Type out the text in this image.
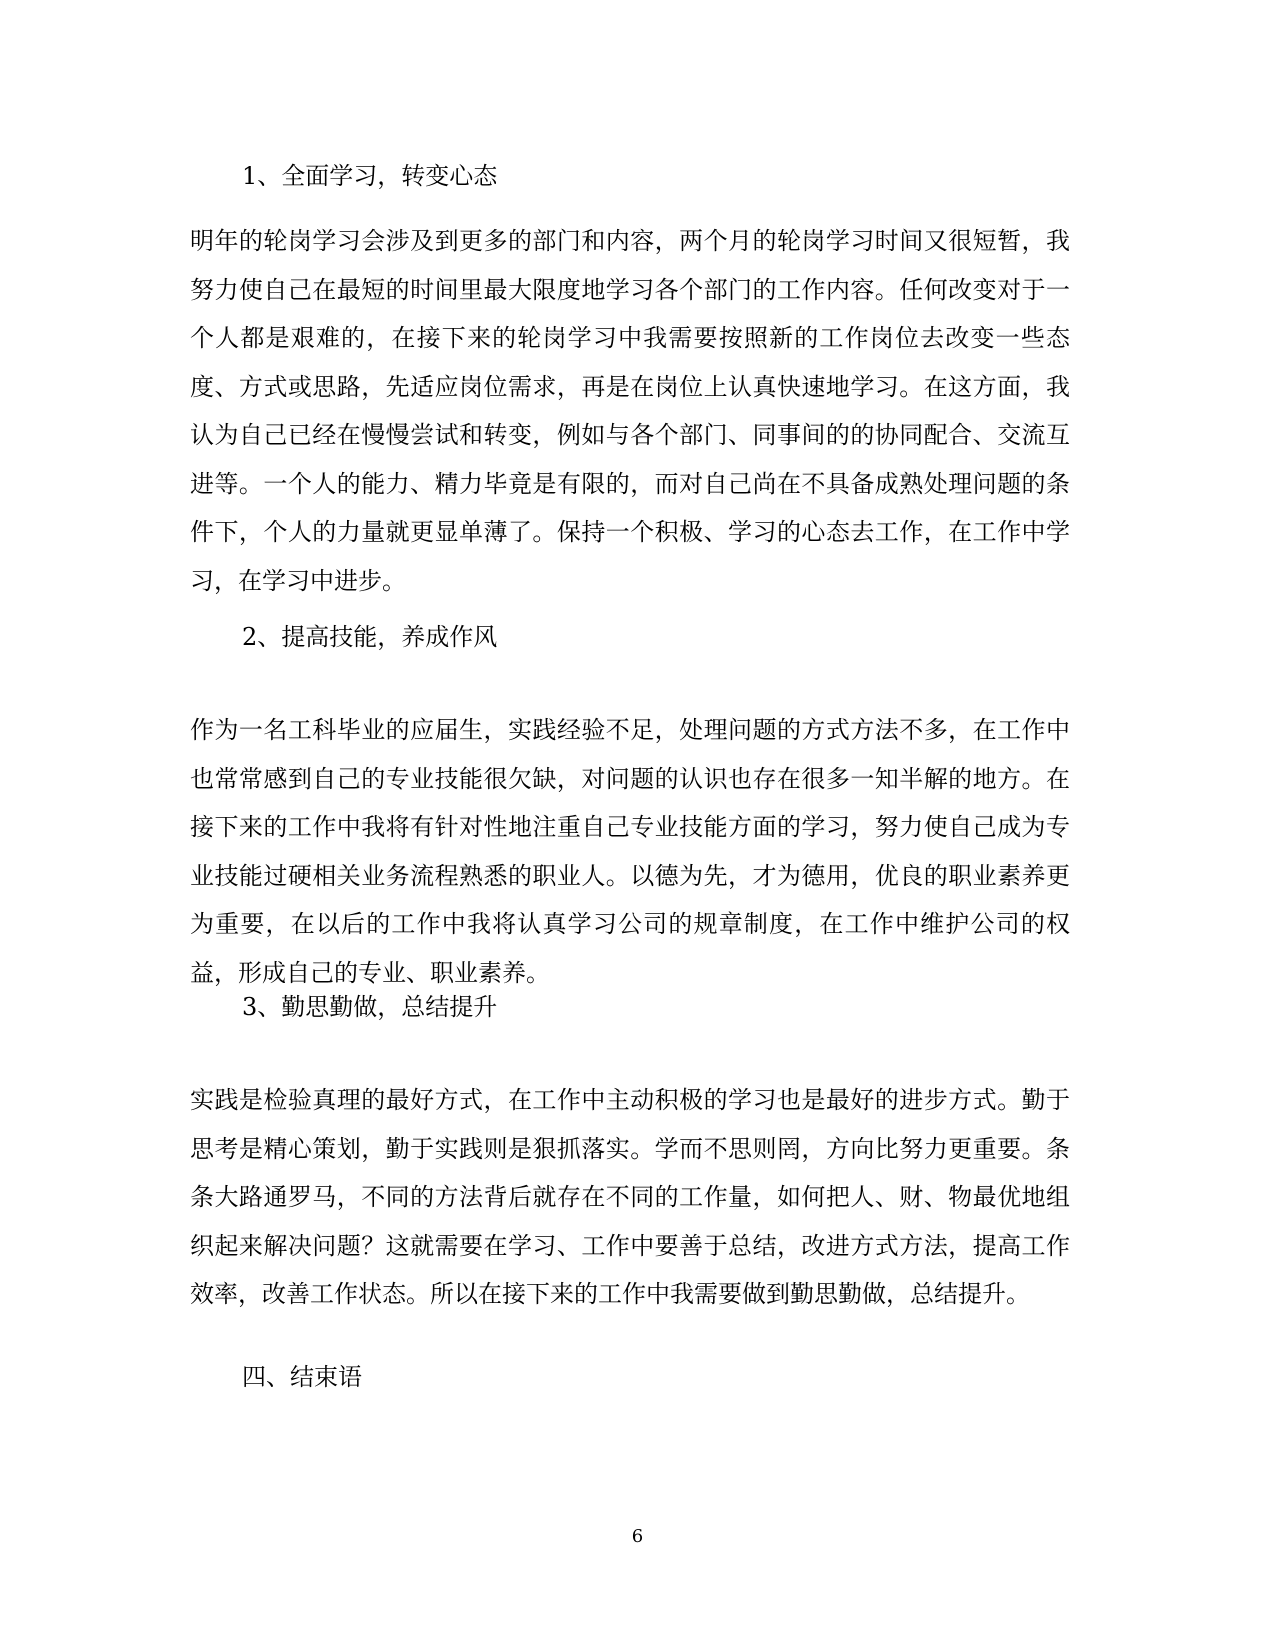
1、全面学习，转变心态
明年的轮岗学习会涉及到更多的部门和内容，两个月的轮岗学习时间又很短暂，我努力使自己在最短的时间里最大限度地学习各个部门的工作内容。任何改变对于一个人都是艰难的，在接下来的轮岗学习中我需要按照新的工作岗位去改变一些态度、方式或思路，先适应岗位需求，再是在岗位上认真快速地学习。在这方面，我认为自己已经在慢慢尝试和转变，例如与各个部门、同事间的的协同配合、交流互进等。一个人的能力、精力毕竟是有限的，而对自己尚在不具备成熟处理问题的条件下，个人的力量就更显单薄了。保持一个积极、学习的心态去工作，在工作中学习，在学习中进步。
2、提高技能，养成作风
作为一名工科毕业的应届生，实践经验不足，处理问题的方式方法不多，在工作中也常常感到自己的专业技能很欠缺，对问题的认识也存在很多一知半解的地方。在接下来的工作中我将有针对性地注重自己专业技能方面的学习，努力使自己成为专业技能过硬相关业务流程熟悉的职业人。以德为先，才为德用，优良的职业素养更为重要，在以后的工作中我将认真学习公司的规章制度，在工作中维护公司的权益，形成自己的专业、职业素养。
3、勤思勤做，总结提升
实践是检验真理的最好方式，在工作中主动积极的学习也是最好的进步方式。勤于思考是精心策划，勤于实践则是狠抓落实。学而不思则罔，方向比努力更重要。条条大路通罗马，不同的方法背后就存在不同的工作量，如何把人、财、物最优地组织起来解决问题？这就需要在学习、工作中要善于总结，改进方式方法，提高工作效率，改善工作状态。所以在接下来的工作中我需要做到勤思勤做，总结提升。
四、结束语
6
